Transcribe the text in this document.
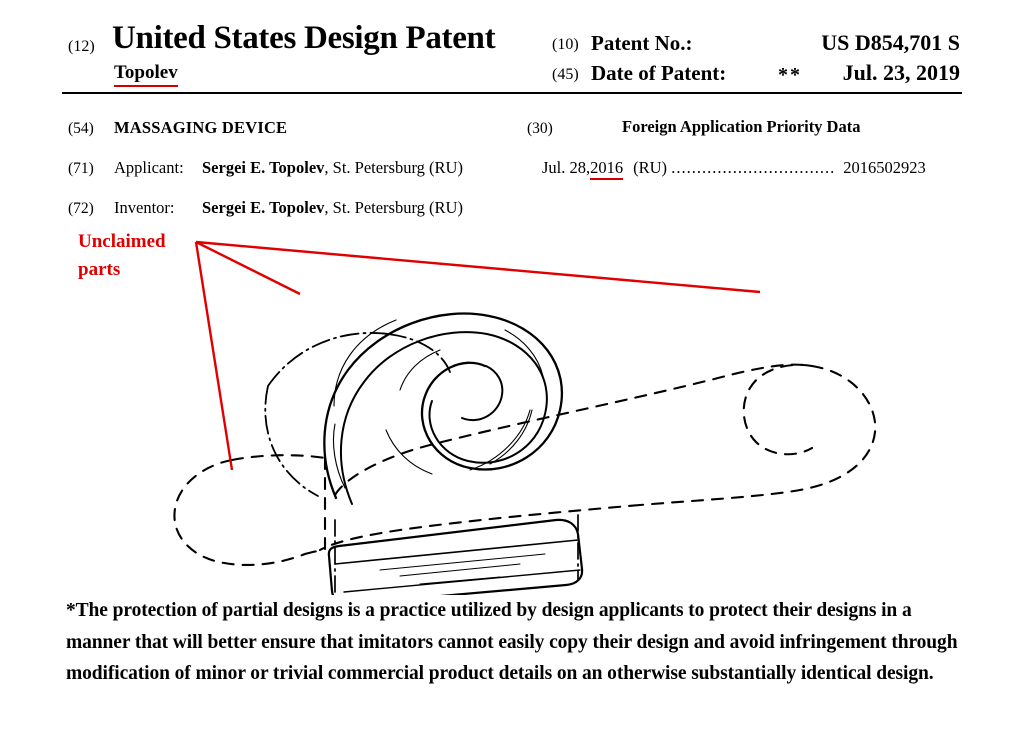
(12) United States Design Patent
Topolev
(10) Patent No.:	US D854,701 S
(45) Date of Patent:	**	Jul. 23, 2019
(54) MASSAGING DEVICE
(71) Applicant: Sergei E. Topolev, St. Petersburg (RU)
(72) Inventor: Sergei E. Topolev, St. Petersburg (RU)
(30)	Foreign Application Priority Data
Jul. 28,2016 (RU) ................................ 2016502923
Unclaimed
parts
*The protection of partial designs is a practice utilized by design applicants to protect their designs in a manner that will better ensure that imitators cannot easily copy their design and avoid infringement through modification of minor or trivial commercial product details on an otherwise substantially identical design.
